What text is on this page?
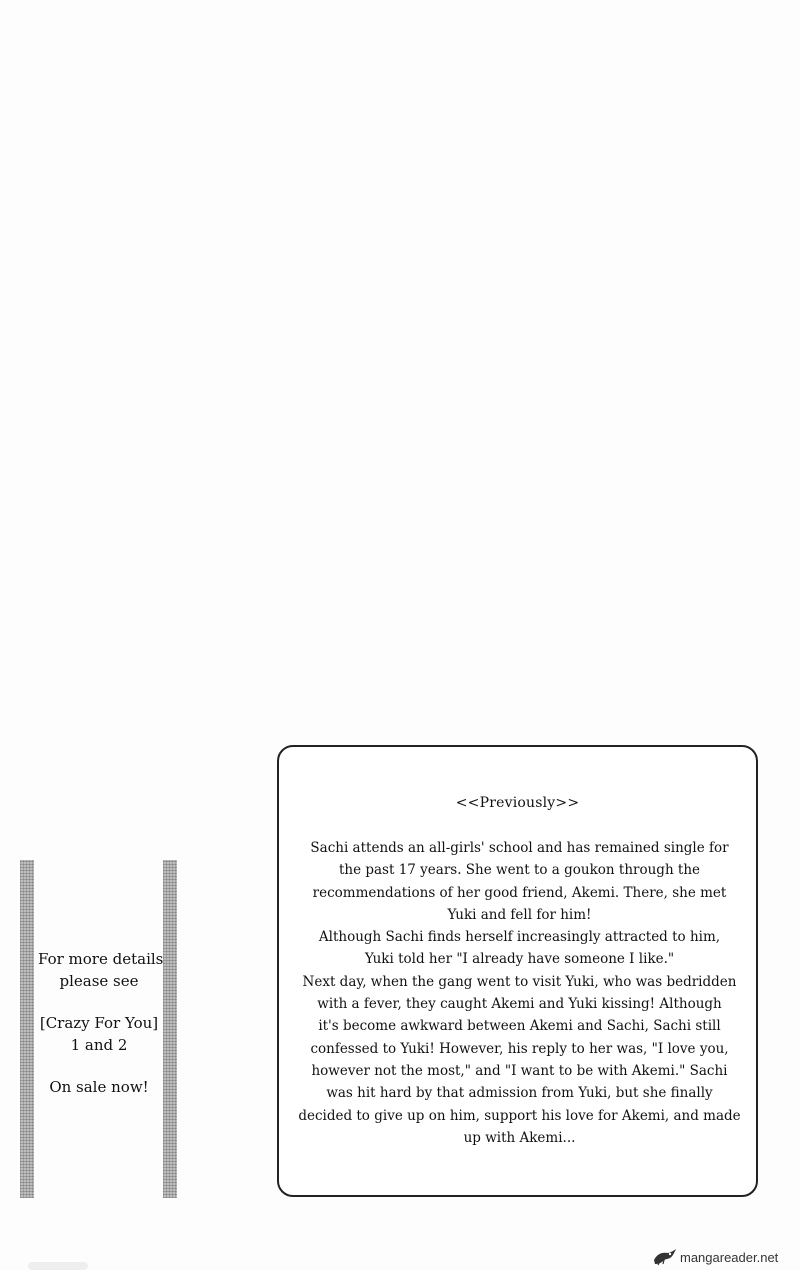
For more details
please see
[Crazy For You]
1 and 2
On sale now!
<<Previously>>
Sachi attends an all-girls' school and has remained single for
the past 17 years. She went to a goukon through the
recommendations of her good friend, Akemi. There, she met
Yuki and fell for him!
Although Sachi finds herself increasingly attracted to him,
Yuki told her "I already have someone I like."
Next day, when the gang went to visit Yuki, who was bedridden
with a fever, they caught Akemi and Yuki kissing! Although
it's become awkward between Akemi and Sachi, Sachi still
confessed to Yuki! However, his reply to her was, "I love you,
however not the most," and "I want to be with Akemi." Sachi
was hit hard by that admission from Yuki, but she finally
decided to give up on him, support his love for Akemi, and made
up with Akemi...
mangareader.net
